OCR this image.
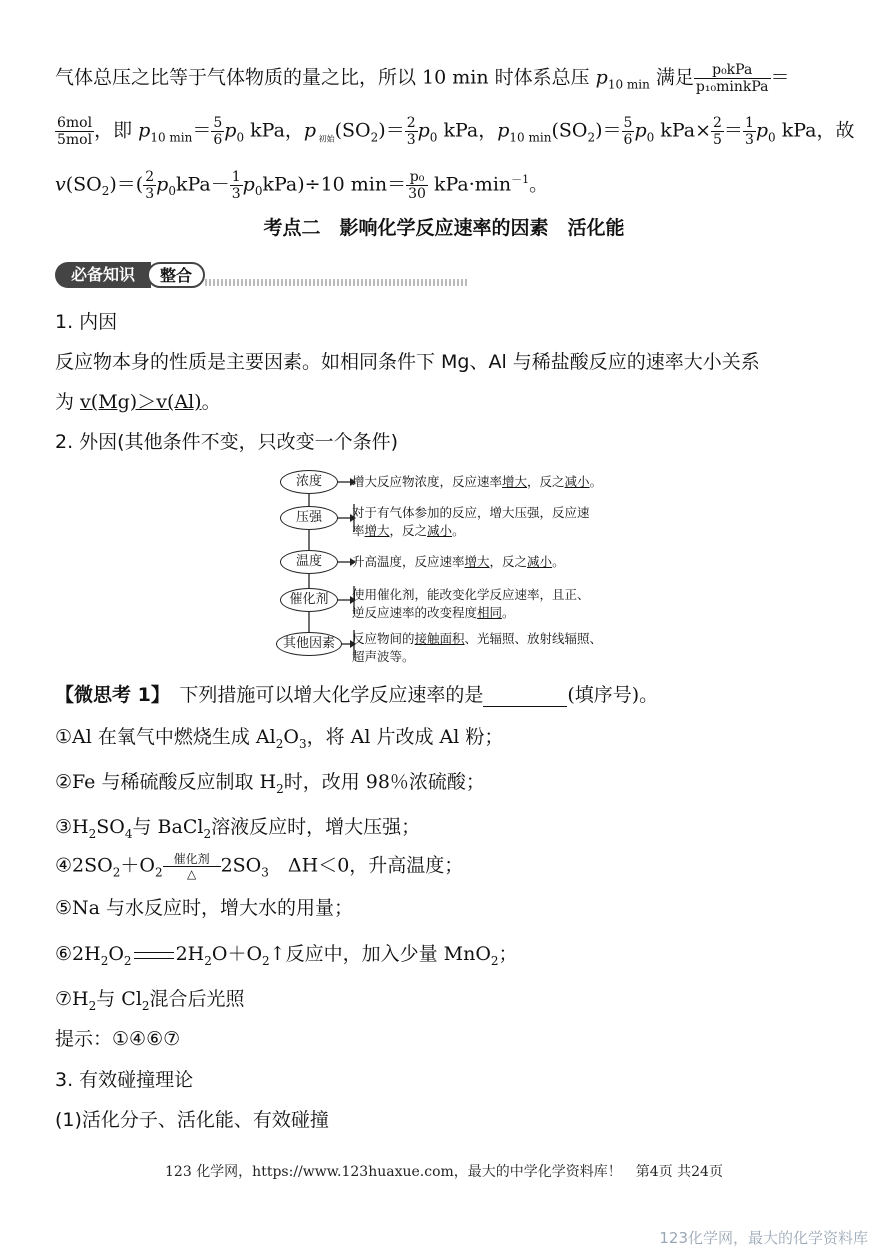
气体总压之比等于气体物质的量之比，所以 10 min 时体系总压 $p_{10 min}$ 满足 $\frac{\text{p₀kPa}}{\text{p₁₀minkPa}}$ ＝
$\frac{\text{6mol}}{\text{5mol}}$ ，即 $p_{10 min}= \frac{5}{6} p_0$ kPa，p $_{初始}(SO_2)= \frac{2}{3} p_0$ kPa，$p_{10 min}(SO_2)= \frac{5}{6} p_0$ $kPa\times \frac{2}{5} = \frac{1}{3} p_0$ kPa，故
$v(SO_2)=( \frac{2}{3} p_0kPa- \frac{1}{3} p_0kPa)\div 10$ $\min= \frac{\text{p₀}}{30} kPa\cdot\min^{-1}$。
考点二　影响化学反应速率的因素　活化能
必备知识	整合
1. 内因
反应物本身的性质是主要因素。如相同条件下 Mg、Al 与稀盐酸反应的速率大小关系
为 v(Mg)＞v(Al)。
2. 外因(其他条件不变，只改变一个条件)
浓度
压强
温度
催化剂
其他因素
增大反应物浓度，反应速率增大，反之减小。
对于有气体参加的反应，增大压强，反应速
率增大，反之减小。
升高温度，反应速率增大，反之减小。
使用催化剂，能改变化学反应速率，且正、
逆反应速率的改变程度相同。
反应物间的接触面积、光辐照、放射线辐照、
超声波等。
【微思考 1】　下列措施可以增大化学反应速率的是	(填序号)。
①Al 在氧气中燃烧生成 $Al_2O_3$，将 Al 片改成 Al 粉；
②Fe 与稀硫酸反应制取 $H_2$时，改用 98％浓硫酸；
$③H_2SO_4$与 BaCl$_2$溶液反应时，增大压强；
$④2SO_2+O_2$
催化剂
△	$2SO_3$　ΔH＜0，升高温度；
⑤Na 与水反应时，增大水的用量；
$⑥2H_2O_2$ $2H_2O+O_2↑$反应中，加入少量 MnO$_2$；
$⑦H_2$与 $Cl_2$混合后光照
提示：①④⑥⑦
3. 有效碰撞理论
(1)活化分子、活化能、有效碰撞
123 化学网，https://www.123huaxue.com，最大的中学化学资料库！　第4页 共24页
123化学网，最大的化学资料库
